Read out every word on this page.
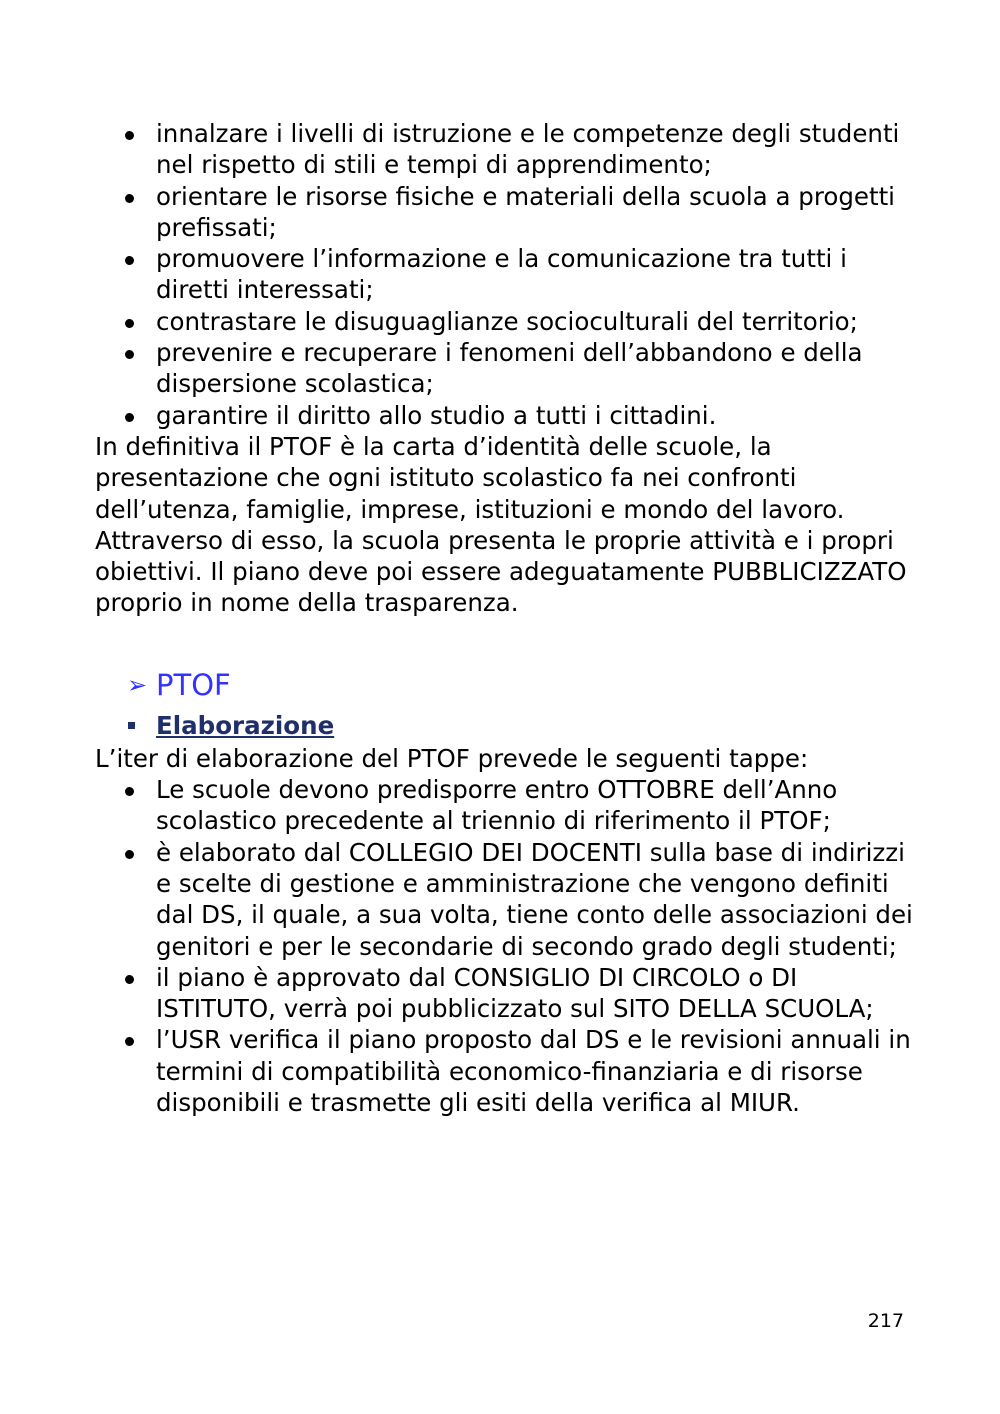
innalzare i livelli di istruzione e le competenze degli studenti nel rispetto di stili e tempi di apprendimento;
orientare le risorse fisiche e materiali della scuola a progetti prefissati;
promuovere l’informazione e la comunicazione tra tutti i diretti interessati;
contrastare le disuguaglianze socioculturali del territorio;
prevenire e recuperare i fenomeni dell’abbandono e della dispersione scolastica;
garantire il diritto allo studio a tutti i cittadini.

In definitiva il PTOF è la carta d’identità delle scuole, la presentazione che ogni istituto scolastico fa nei confronti dell’utenza, famiglie, imprese, istituzioni e mondo del lavoro. Attraverso di esso, la scuola presenta le proprie attività e i propri obiettivi. Il piano deve poi essere adeguatamente PUBBLICIZZATO proprio in nome della trasparenza.

➢ PTOF
Elaborazione

L’iter di elaborazione del PTOF prevede le seguenti tappe:

Le scuole devono predisporre entro OTTOBRE dell’Anno scolastico precedente al triennio di riferimento il PTOF;
è elaborato dal COLLEGIO DEI DOCENTI sulla base di indirizzi e scelte di gestione e amministrazione che vengono definiti dal DS, il quale, a sua volta, tiene conto delle associazioni dei genitori e per le secondarie di secondo grado degli studenti;
il piano è approvato dal CONSIGLIO DI CIRCOLO o DI ISTITUTO, verrà poi pubblicizzato sul SITO DELLA SCUOLA;
l’USR verifica il piano proposto dal DS e le revisioni annuali in termini di compatibilità economico-finanziaria e di risorse disponibili e trasmette gli esiti della verifica al MIUR.
217
